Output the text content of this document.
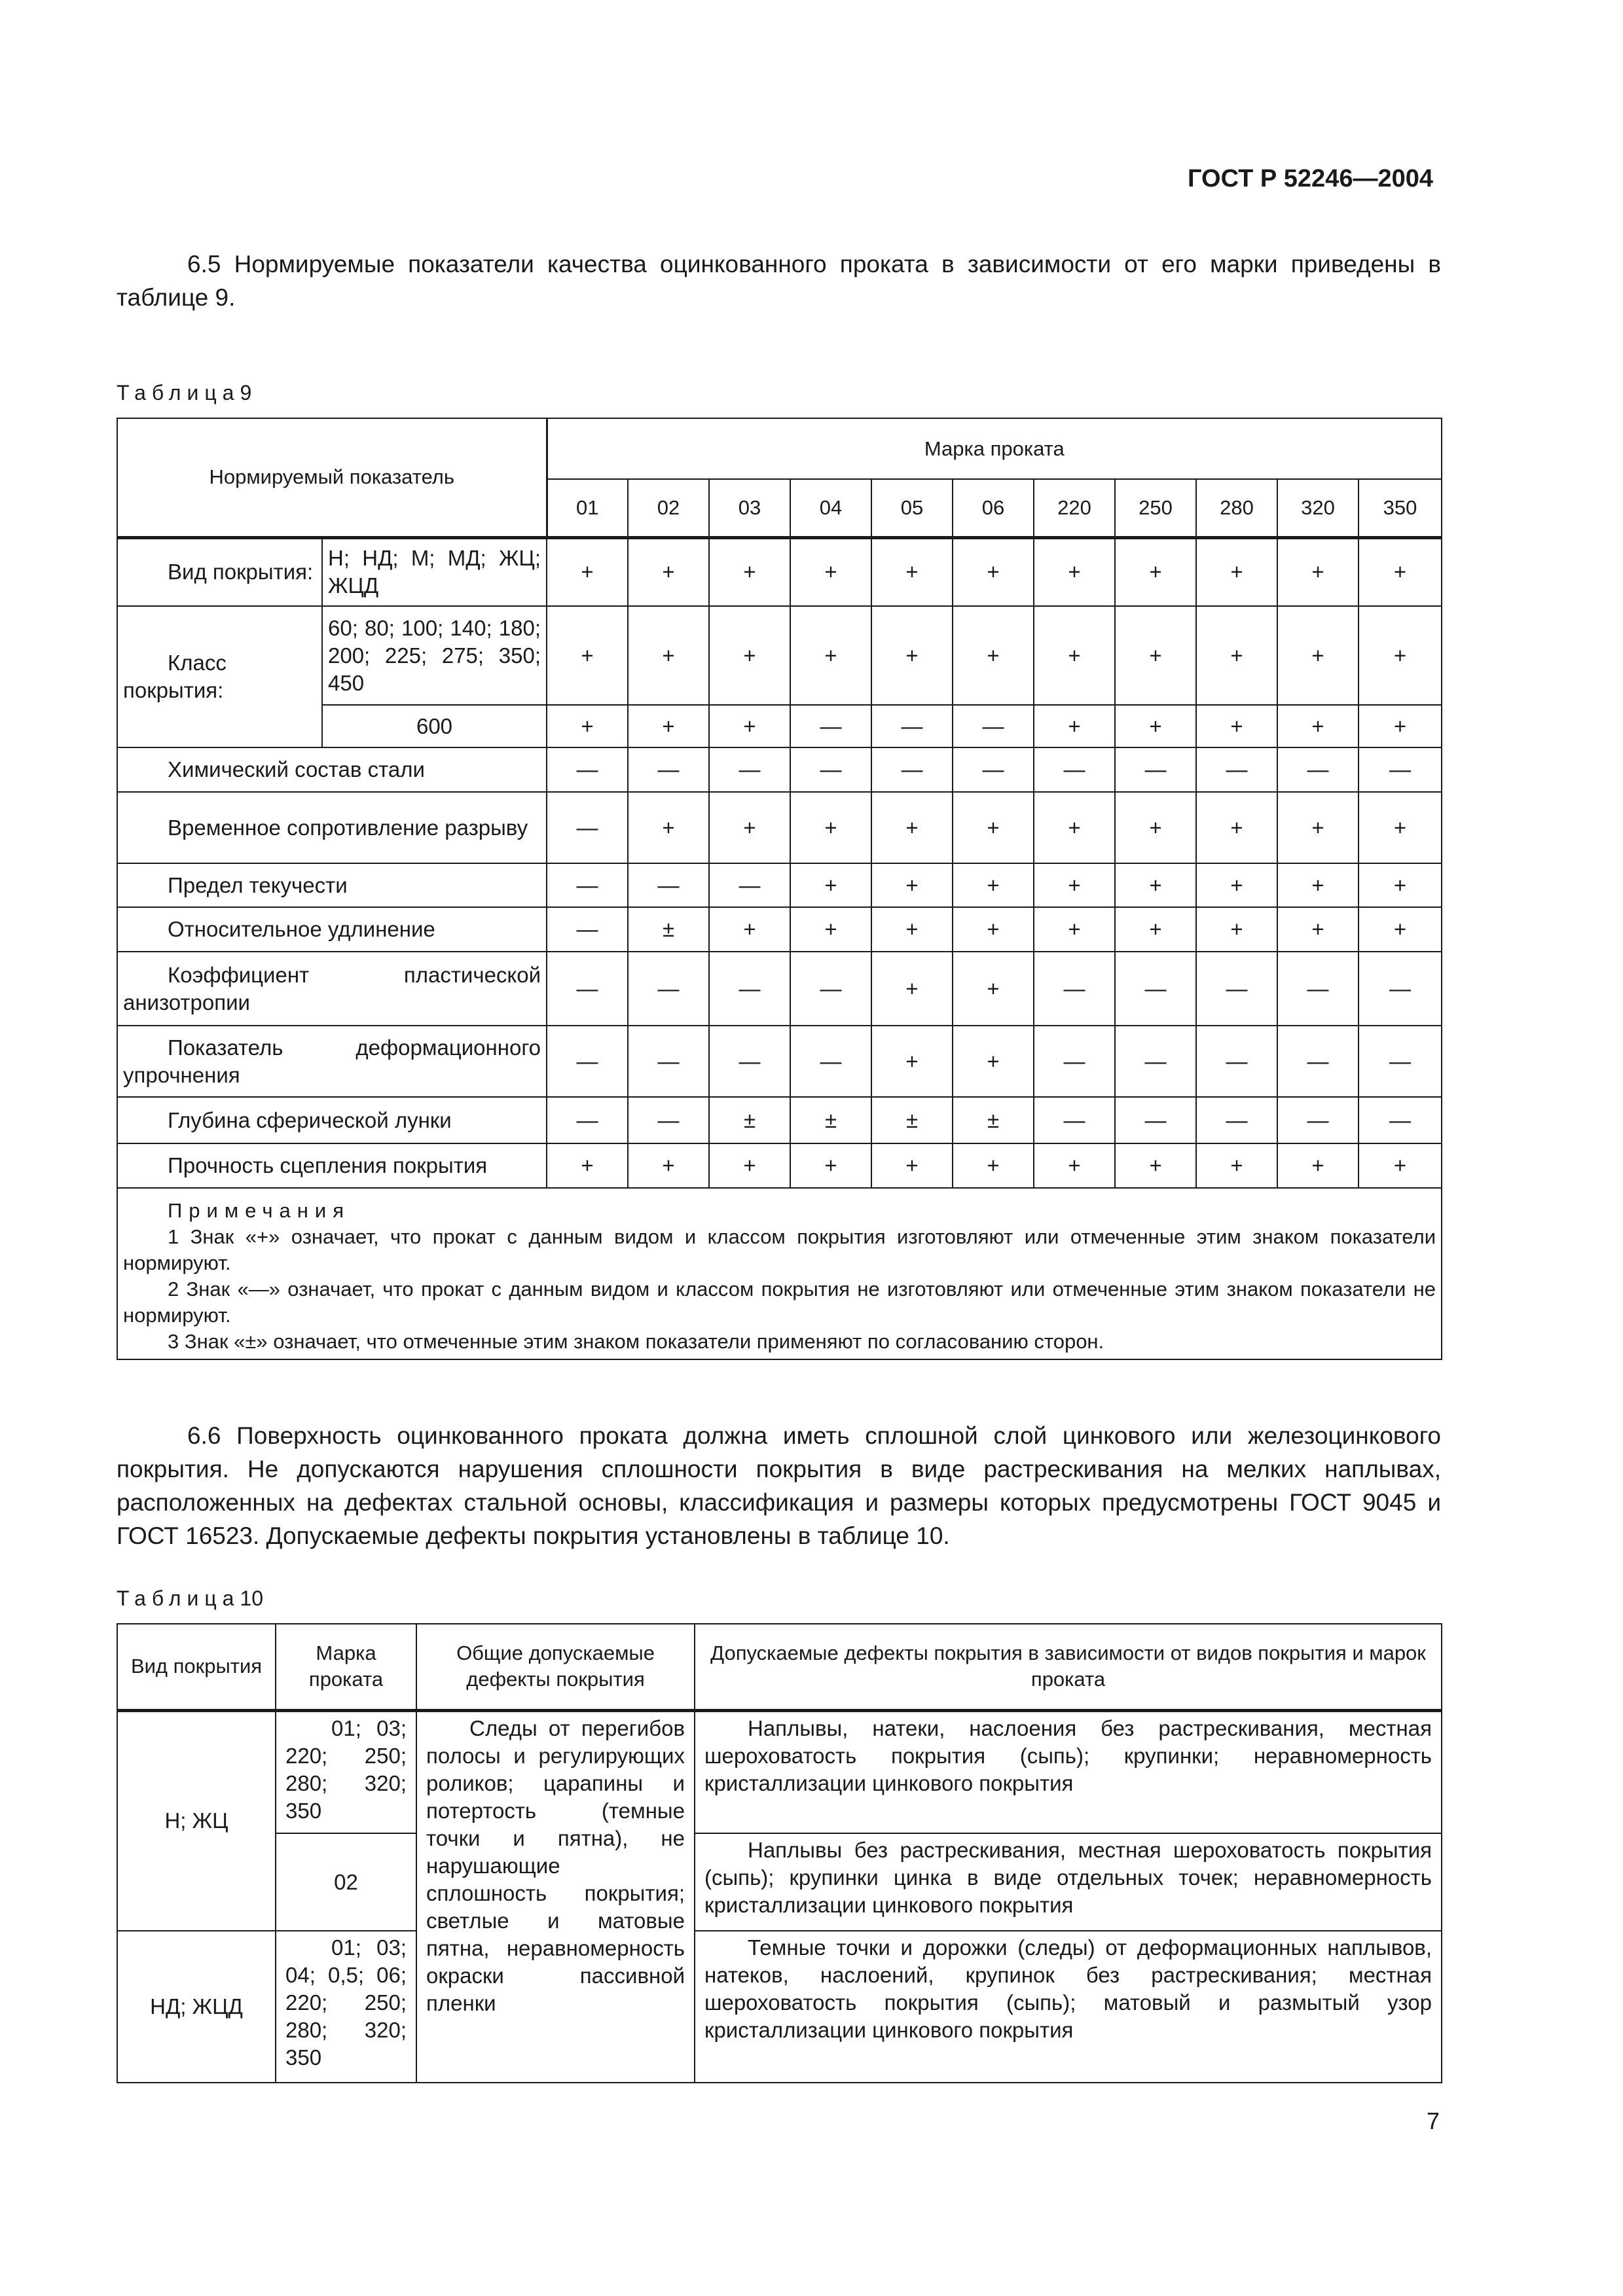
ГОСТ Р 52246—2004

6.5 Нормируемые показатели качества оцинкованного проката в зависимости от его марки приведены в таблице 9.

Таблица9
Нормируемый показатель		Марка проката										
		01	02	03	04	05	06	220	250	280	320	350
Вид покрытия:	Н; НД; М; МД; ЖЦ; ЖЦД	+	+	+	+	+	+	+	+	+	+	+
Класс покрытия:	60; 80; 100; 140; 180; 200; 225; 275; 350; 450	+	+	+	+	+	+	+	+	+	+	+
	600	+	+	+	—	—	—	+	+	+	+	+
Химический состав стали		—	—	—	—	—	—	—	—	—	—	—
Временное сопротивление разрыву		—	+	+	+	+	+	+	+	+	+	+
Предел текучести		—	—	—	+	+	+	+	+	+	+	+
Относительное удлинение		—	±	+	+	+	+	+	+	+	+	+
Коэффициент пластической анизотропии		—	—	—	—	+	+	—	—	—	—	—
Показатель деформационного упрочнения		—	—	—	—	+	+	—	—	—	—	—
Глубина сферической лунки		—	—	±	±	±	±	—	—	—	—	—
Прочность сцепления покрытия		+	+	+	+	+	+	+	+	+	+	+

Примечания
1 Знак «+» означает, что прокат с данным видом и классом покрытия изготовляют или отмеченные этим знаком показатели нормируют.
2 Знак «—» означает, что прокат с данным видом и классом покрытия не изготовляют или отмеченные этим знаком показатели не нормируют.
3 Знак «±» означает, что отмеченные этим знаком показатели применяют по согласованию сторон.												

6.6 Поверхность оцинкованного проката должна иметь сплошной слой цинкового или железоцинкового покрытия. Не допускаются нарушения сплошности покрытия в виде растрескивания на мелких наплывах, расположенных на дефектах стальной основы, классификация и размеры которых предусмотрены ГОСТ 9045 и ГОСТ 16523. Допускаемые дефекты покрытия установлены в таблице 10.

Таблица10
Вид покрытия	Марка проката	Общие допускаемые дефекты покрытия	Допускаемые дефекты покрытия в зависимости от видов покрытия и марок проката
Н; ЖЦ	01; 03; 220; 250; 280; 320; 350	Следы от перегибов полосы и регулирующих роликов; царапины и потертость (темные точки и пятна), не нарушающие сплошность покрытия; светлые и матовые пятна, неравномерность окраски пассивной пленки	Наплывы, натеки, наслоения без растрескивания, местная шероховатость покрытия (сыпь); крупинки; неравномерность кристаллизации цинкового покрытия
	02		Наплывы без растрескивания, местная шероховатость покрытия (сыпь); крупинки цинка в виде отдельных точек; неравномерность кристаллизации цинкового покрытия
НД; ЖЦД	01; 03; 04; 0,5; 06; 220; 250; 280; 320; 350		Темные точки и дорожки (следы) от деформационных наплывов, натеков, наслоений, крупинок без растрескивания; местная шероховатость покрытия (сыпь); матовый и размытый узор кристаллизации цинкового покрытия
7
